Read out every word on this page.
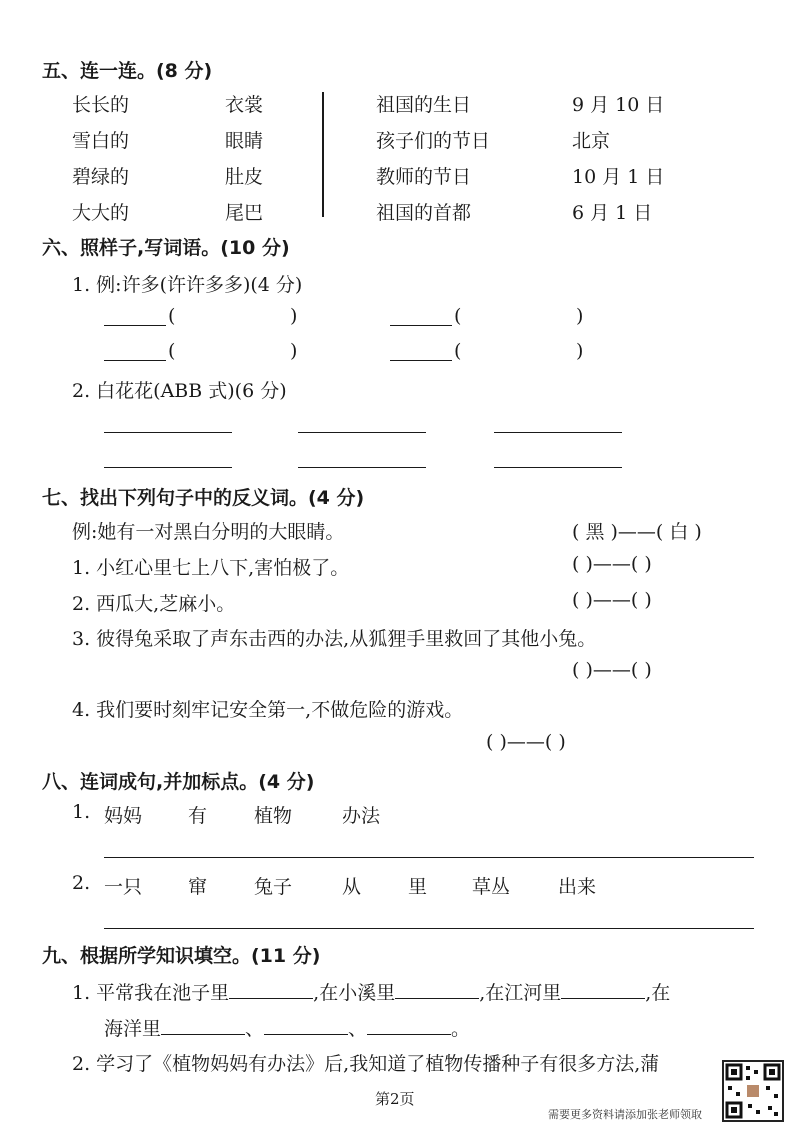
五、连一连。(8 分)
长长的
雪白的
碧绿的
大大的
衣裳
眼睛
肚皮
尾巴
祖国的生日
孩子们的节日
教师的节日
祖国的首都
9 月 10 日
北京
10 月 1 日
6 月 1 日
六、照样子,写词语。(10 分)
1. 例:许多(许许多多)(4 分)
(	)	(	)
(	)	(	)
2. 白花花(ABB 式)(6 分)
七、找出下列句子中的反义词。(4 分)
例:她有一对黑白分明的大眼睛。	( 黑 )——( 白 )
1. 小红心里七上八下,害怕极了。	( )——( )
2. 西瓜大,芝麻小。	( )——( )
3. 彼得兔采取了声东击西的办法,从狐狸手里救回了其他小兔。
( )——( )
4. 我们要时刻牢记安全第一,不做危险的游戏。
( )——( )
八、连词成句,并加标点。(4 分)
1. 妈妈 有 植物	办法
2. 一只 窜 兔子	从 里 草丛	出来
九、根据所学知识填空。(11 分)
1. 平常我在池子里	,在小溪里	,在江河里	,在
海洋里	、	、	。
2. 学习了《植物妈妈有办法》后,我知道了植物传播种子有很多方法,蒲
第2页
需要更多资料请添加张老师领取
